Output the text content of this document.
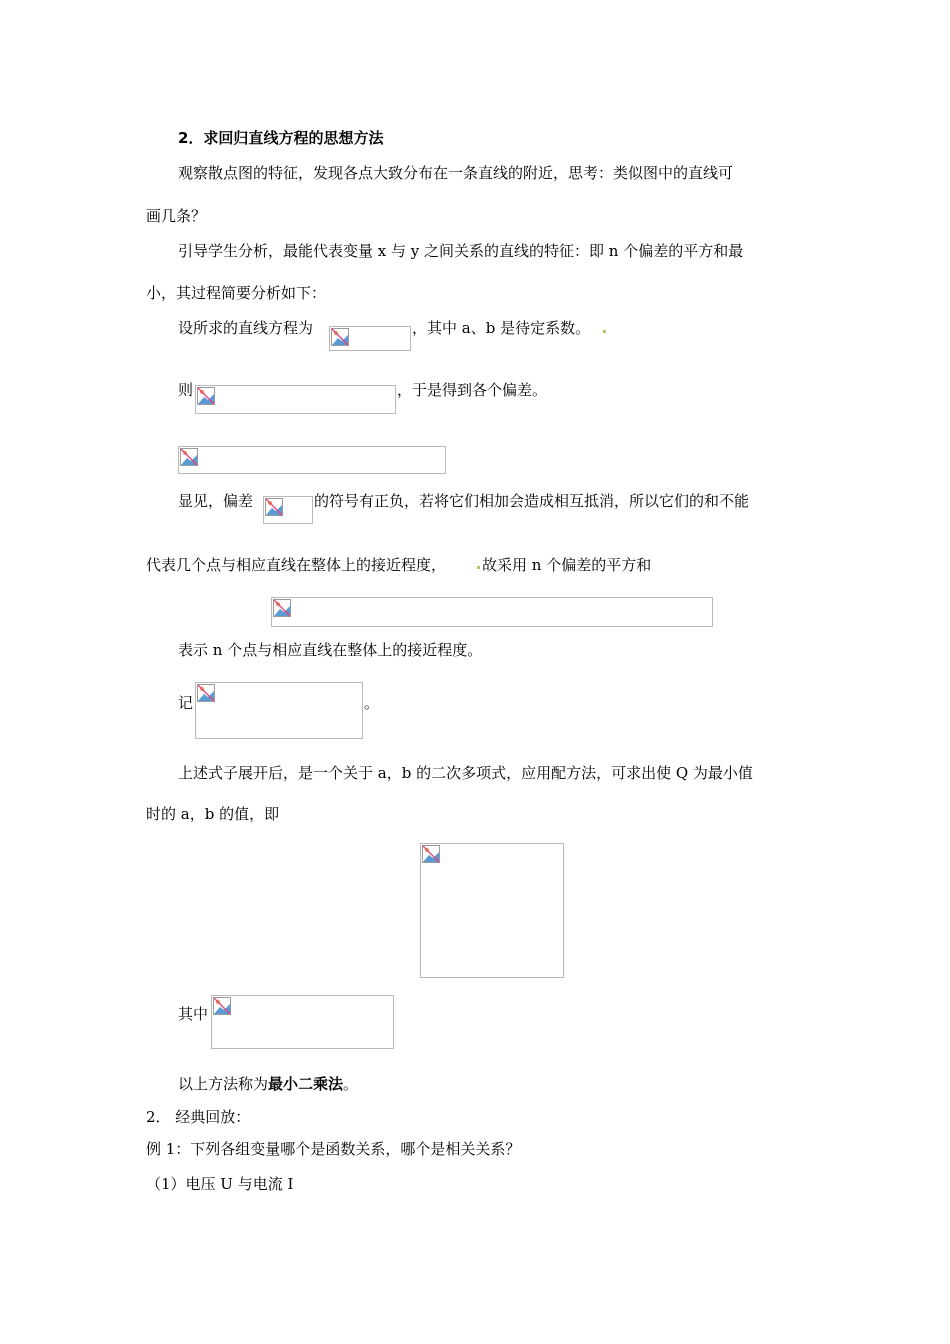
2．求回归直线方程的思想方法
观察散点图的特征，发现各点大致分布在一条直线的附近，思考：类似图中的直线可
画几条？
引导学生分析，最能代表变量 x 与 y 之间关系的直线的特征：即 n 个偏差的平方和最
小，其过程简要分析如下：
设所求的直线方程为	，其中 a、b 是待定系数。
则	，于是得到各个偏差。
显见，偏差	的符号有正负，若将它们相加会造成相互抵消，所以它们的和不能
代表几个点与相应直线在整体上的接近程度， 故采用 n 个偏差的平方和
表示 n 个点与相应直线在整体上的接近程度。
记	。
上述式子展开后，是一个关于 a，b 的二次多项式，应用配方法，可求出使 Q 为最小值
时的 a，b 的值，即
其中
以上方法称为最小二乘法。
2． 经典回放：
例 1：下列各组变量哪个是函数关系，哪个是相关关系？
（1）电压 U 与电流 I
